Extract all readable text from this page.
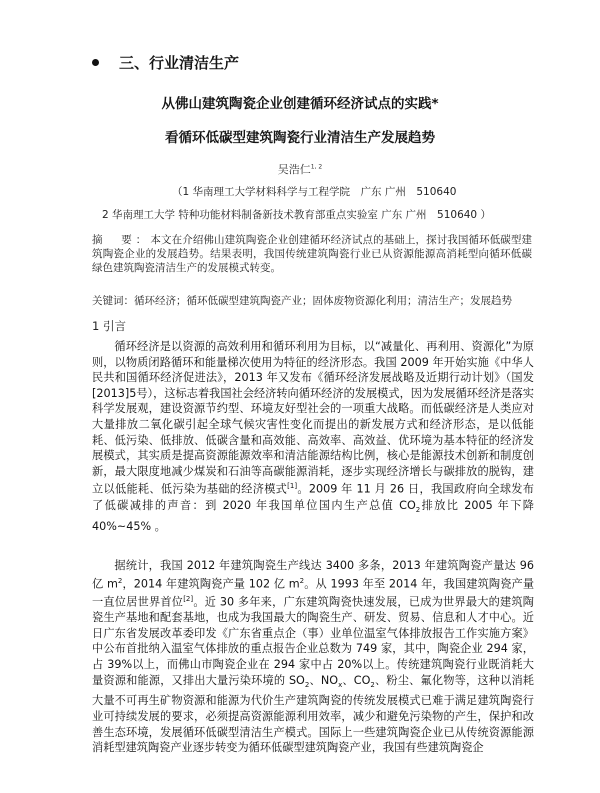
三、行业清洁生产
从佛山建筑陶瓷企业创建循环经济试点的实践*
看循环低碳型建筑陶瓷行业清洁生产发展趋势
吴浩仁$^{1, 2}$
（1 华南理工大学材料科学与工程学院　广东 广州　510640
2 华南理工大学 特种功能材料制备新技术教育部重点实验室 广东 广州　510640 ）
摘　要：本文在介绍佛山建筑陶瓷企业创建循环经济试点的基础上，探讨我国循环低碳型建筑陶瓷企业的发展趋势。结果表明，我国传统建筑陶瓷行业已从资源能源高消耗型向循环低碳绿色建筑陶瓷清洁生产的发展模式转变。
关键词：循环经济；循环低碳型建筑陶瓷产业；固体废物资源化利用；清洁生产；发展趋势
1 引言
循环经济是以资源的高效利用和循环利用为目标，以“减量化、再利用、资源化”为原则，以物质闭路循环和能量梯次使用为特征的经济形态。我国 2009 年开始实施《中华人民共和国循环经济促进法》，2013 年又发布《循环经济发展战略及近期行动计划》（国发[2013]5号），这标志着我国社会经济转向循环经济的发展模式，因为发展循环经济是落实科学发展观，建设资源节约型、环境友好型社会的一项重大战略。而低碳经济是人类应对大量排放二氧化碳引起全球气候灾害性变化而提出的新发展方式和经济形态，是以低能耗、低污染、低排放、低碳含量和高效能、高效率、高效益、优环境为基本特征的经济发展模式，其实质是提高资源能源效率和清洁能源结构比例，核心是能源技术创新和制度创新，最大限度地减少煤炭和石油等高碳能源消耗，逐步实现经济增长与碳排放的脱钩，建立以低能耗、低污染为基础的经济模式[1]。2009 年 11 月 26 日，我国政府向全球发布了低碳减排的声音：到 2020 年我国单位国内生产总值 $CO_2$排放比 2005 年下降 40%~45% 。
据统计，我国 2012 年建筑陶瓷生产线达 3400 多条，2013 年建筑陶瓷产量达 96 亿 $m^2$，2014 年建筑陶瓷产量 102 亿 $m^2$。从 1993 年至 2014 年，我国建筑陶瓷产量一直位居世界首位[2]。近 30 多年来，广东建筑陶瓷快速发展，已成为世界最大的建筑陶瓷生产基地和配套基地，也成为我国最大的陶瓷生产、研发、贸易、信息和人才中心。近日广东省发展改革委印发《广东省重点企（事）业单位温室气体排放报告工作实施方案》中公布首批纳入温室气体排放的重点报告企业总数为 749 家，其中，陶瓷企业 294 家，占 39%以上，而佛山市陶瓷企业在 294 家中占 20%以上。传统建筑陶瓷行业既消耗大量资源和能源，又排出大量污染环境的 $SO_2$、$NO_x$、$CO_2$、粉尘、氟化物等，这种以消耗大量不可再生矿物资源和能源为代价生产建筑陶瓷的传统发展模式已难于满足建筑陶瓷行业可持续发展的要求，必须提高资源能源利用效率，减少和避免污染物的产生，保护和改善生态环境，发展循环低碳型清洁生产模式。国际上一些建筑陶瓷企业已从传统资源能源消耗型建筑陶瓷产业逐步转变为循环低碳型建筑陶瓷产业，我国有些建筑陶瓷企
